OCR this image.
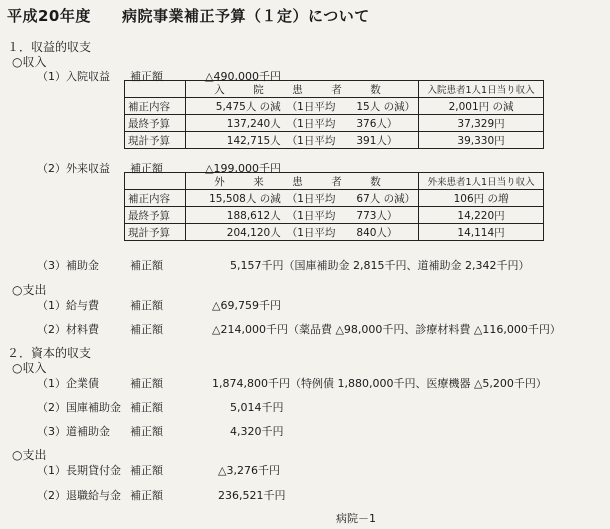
平成20年度 病院事業補正予算（１定）について
１．収益的収支
○収入
（1）入院収益 補正額	△490,000千円
	入　院　患　者　数		入院患者1人1日当り収入
補正内容	5,475人 の減	（1日平均　　15人 の減）	2,001円 の減
最終予算	137,240人	（1日平均　　376人）	37,329円
現計予算	142,715人	（1日平均　　391人）	39,330円
（2）外来収益 補正額	△199,000千円
	外　来　患　者　数		外来患者1人1日当り収入
補正内容	15,508人 の減	（1日平均　　67人 の減）	106円 の増
最終予算	188,612人	（1日平均　　773人）	14,220円
現計予算	204,120人	（1日平均　　840人）	14,114円
（3）補助金	補正額	5,157千円（国庫補助金 2,815千円、道補助金 2,342千円）
○支出
（1）給与費	補正額	△69,759千円
（2）材料費	補正額	△214,000千円（薬品費 △98,000千円、診療材料費 △116,000千円）
２．資本的収支
○収入
（1）企業債	補正額	1,874,800千円（特例債 1,880,000千円、医療機器 △5,200千円）
（2）国庫補助金 補正額	5,014千円
（3）道補助金 補正額	4,320千円
○支出
（1）長期貸付金 補正額	△3,276千円
（2）退職給与金 補正額	236,521千円
病院－1
